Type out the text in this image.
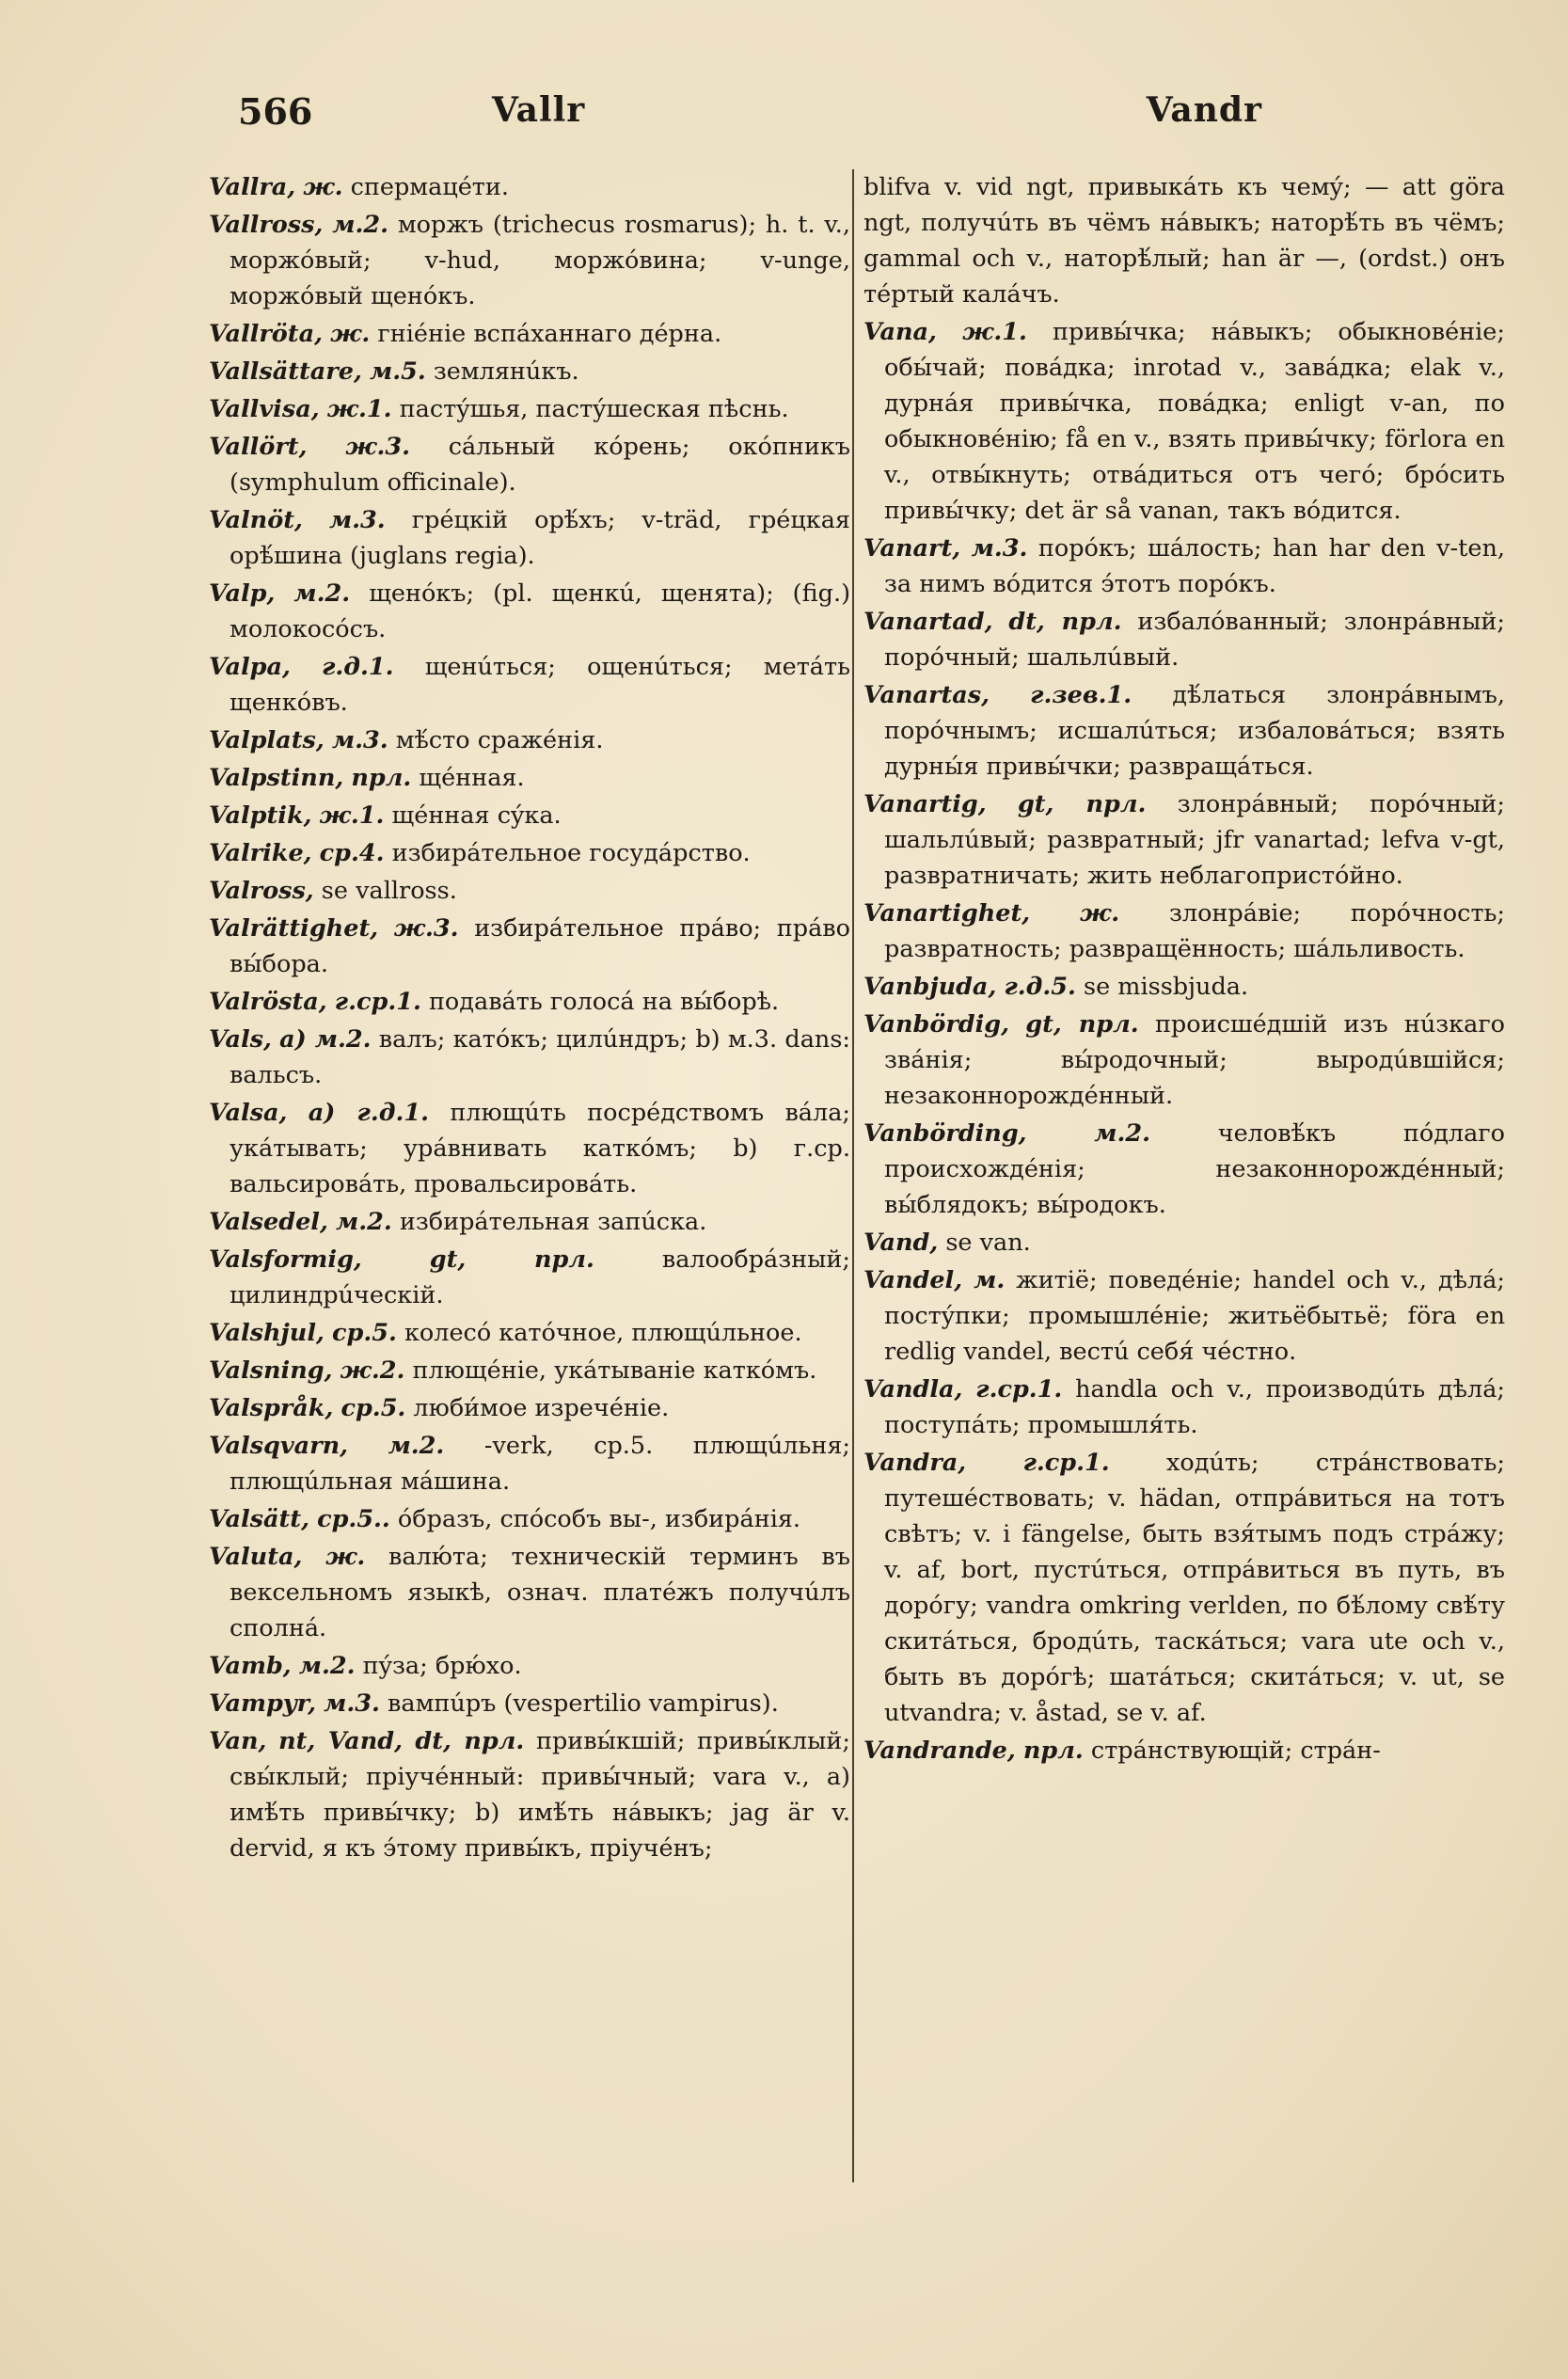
566	Vallr	Vandr
Vallra, ж. спермацéти.
Vallross, м.2. моржъ (trichecus rosmarus); h. t. v., моржóвый; v-hud, моржóвина; v-unge, моржóвый щенóкъ.
Vallröta, ж. гніéніе вспáханнаго дéрна.
Vallsättare, м.5. землянúкъ.
Vallvisa, ж.1. пастýшья, пастýшеская пѣснь.
Vallört, ж.3. сáльный кóрень; окóпникъ (symphulum officinale).
Valnöt, м.3. грéцкій орѣ́хъ; v-träd, грéцкая орѣ́шина (juglans regia).
Valp, м.2. щенóкъ; (pl. щенкú, щенята); (fig.) молокосóсъ.
Valpa, г.д.1. щенúться; ощенúться; метáть щенкóвъ.
Valplats, м.3. мѣ́сто сражéнія.
Valpstinn, прл. щéнная.
Valptik, ж.1. щéнная сýка.
Valrike, ср.4. избирáтельное госудáрство.
Valross, se vallross.
Valrättighet, ж.3. избирáтельное прáво; прáво вы́бора.
Valrösta, г.ср.1. подавáть голосá на вы́борѣ.
Vals, a) м.2. валъ; катóкъ; цилúндръ; b) м.3. dans: вальсъ.
Valsa, a) г.д.1. плющúть посрéдствомъ вáла; укáтывать; урáвнивать каткóмъ; b) г.ср. вальсировáть, провальсировáть.
Valsedel, м.2. избирáтельная запúска.
Valsformig,	gt, прл.	валообрáзный; цилиндрúческій.
Valshjul, ср.5. колесó катóчное, плющúльное.
Valsning, ж.2. плющéніе, укáтываніе каткóмъ.
Valspråk, ср.5. люби́мое изречéніе.
Valsqvarn, м.2. -verk, ср.5. плющúльня; плющúльная мáшина.
Valsätt, ср.5.. óбразъ, спóсобъ вы-, избирáнія.
Valuta, ж. валю́та; техническій терминъ въ вексельномъ языкѣ, означ. платéжъ получúлъ сполнá.
Vamb, м.2. пýза; брю́хо.
Vampyr, м.3. вампúръ (vespertilio vampirus).
Van, nt, Vand, dt, прл. привы́кшій; привы́клый; свы́клый; пріучéнный: привы́чный; vara v., a) имѣ́ть привы́чку; b) имѣ́ть нáвыкъ; jag är v. dervid, я къ э́тому привы́къ, пріучéнъ;
blifva v. vid ngt, привыкáть къ чемý; — att göra ngt, получúть въ чёмъ нáвыкъ; наторѣ́ть въ чёмъ; gammal och v., наторѣ́лый; han är —, (ordst.) онъ тéртый калáчъ.
Vana, ж.1. привы́чка; нáвыкъ; обыкновéніе; обы́чай; повáдка; inrotad v., завáдка; elak v., дурнáя привы́чка, повáдка; enligt v-an, по обыкновéнію; få en v., взять привы́чку; förlora en v., отвы́кнуть; отвáдиться отъ чегó; брóсить привы́чку; det är så vanan, такъ вóдится.
Vanart, м.3. порóкъ; шáлость; han har den v-ten, за нимъ вóдится э́тотъ порóкъ.
Vanartad, dt, прл. избалóванный; злонрáвный; порóчный; шальлúвый.
Vanartas, г.зев.1. дѣ́латься злонрáвнымъ, порóчнымъ; исшалúться; избаловáться; взять дурны́я привы́чки; развращáться.
Vanartig, gt, прл. злонрáвный; порóчный; шальлúвый; развратный; jfr vanartad; lefva v-gt, развратничать; жить неблагопристóйно.
Vanartighet, ж. злонрáвіе; порóчность; развратность; развращённость; шáльливость.
Vanbjuda, г.д.5. se missbjuda.
Vanbördig, gt, прл. происшéдшій изъ нúзкаго звáнія; вы́родочный; выродúвшійся; незаконнорождéнный.
Vanbörding,	м.2.	человѣ́къ пóдлаго происхождéнія; незаконнорождéнный; вы́блядокъ; вы́родокъ.
Vand, se van.
Vandel, м. житіё; поведéніе; handel och v., дѣлá; постýпки; промышлéніе; житьёбытьё; föra en redlig vandel, вестú себя́ чéстно.
Vandla, г.ср.1. handla och v., производúть дѣлá; поступáть; промышля́ть.
Vandra, г.ср.1. ходúть; стрáнствовать; путешéствовать; v. hädan, отпрáвиться на тотъ свѣтъ; v. i fängelse, быть взя́тымъ подъ стрáжу; v. af, bort, пустúться, отпрáвиться въ путь, въ дорóгу; vandra omkring verlden, по бѣ́лому свѣ́ту скитáться, бродúть, таскáться; vara ute och v., быть въ дорóгѣ; шатáться; скитáться; v. ut, se utvandra; v. åstad, se v. af.
Vandrande, прл. стрáнствующій; стрáн-
